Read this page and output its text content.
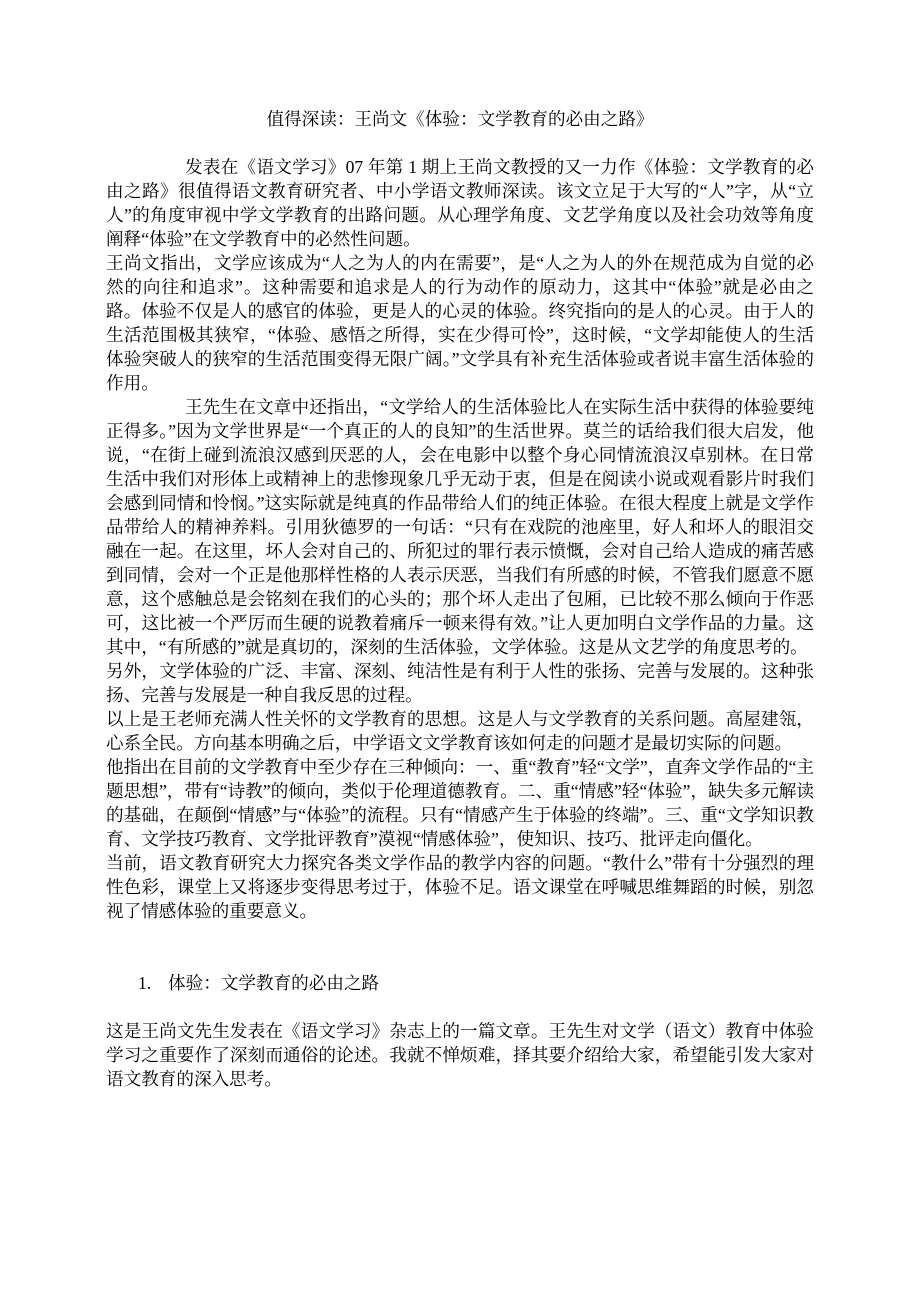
值得深读：王尚文《体验：文学教育的必由之路》

发表在《语文学习》07 年第 1 期上王尚文教授的又一力作《体验：文学教育的必由之路》很值得语文教育研究者、中小学语文教师深读。该文立足于大写的“人”字，从“立人”的角度审视中学文学教育的出路问题。从心理学角度、文艺学角度以及社会功效等角度阐释“体验”在文学教育中的必然性问题。

王尚文指出，文学应该成为“人之为人的内在需要”，是“人之为人的外在规范成为自觉的必然的向往和追求”。这种需要和追求是人的行为动作的原动力，这其中“体验”就是必由之路。体验不仅是人的感官的体验，更是人的心灵的体验。终究指向的是人的心灵。由于人的生活范围极其狭窄，“体验、感悟之所得，实在少得可怜”，这时候，“文学却能使人的生活体验突破人的狭窄的生活范围变得无限广阔。”文学具有补充生活体验或者说丰富生活体验的作用。

王先生在文章中还指出，“文学给人的生活体验比人在实际生活中获得的体验要纯正得多。”因为文学世界是“一个真正的人的良知”的生活世界。莫兰的话给我们很大启发，他说，“在街上碰到流浪汉感到厌恶的人，会在电影中以整个身心同情流浪汉卓别林。在日常生活中我们对形体上或精神上的悲惨现象几乎无动于衷，但是在阅读小说或观看影片时我们会感到同情和怜悯。”这实际就是纯真的作品带给人们的纯正体验。在很大程度上就是文学作品带给人的精神养料。引用狄德罗的一句话：“只有在戏院的池座里，好人和坏人的眼泪交融在一起。在这里，坏人会对自己的、所犯过的罪行表示愤慨，会对自己给人造成的痛苦感到同情，会对一个正是他那样性格的人表示厌恶，当我们有所感的时候，不管我们愿意不愿意，这个感触总是会铭刻在我们的心头的；那个坏人走出了包厢，已比较不那么倾向于作恶可，这比被一个严厉而生硬的说教着痛斥一顿来得有效。”让人更加明白文学作品的力量。这其中，“有所感的”就是真切的，深刻的生活体验，文学体验。这是从文艺学的角度思考的。

另外，文学体验的广泛、丰富、深刻、纯洁性是有利于人性的张扬、完善与发展的。这种张扬、完善与发展是一种自我反思的过程。

以上是王老师充满人性关怀的文学教育的思想。这是人与文学教育的关系问题。高屋建瓴，心系全民。方向基本明确之后，中学语文文学教育该如何走的问题才是最切实际的问题。

他指出在目前的文学教育中至少存在三种倾向：一、重“教育”轻“文学”，直奔文学作品的“主题思想”，带有“诗教”的倾向，类似于伦理道德教育。二、重“情感”轻“体验”，缺失多元解读的基础，在颠倒“情感”与“体验”的流程。只有“情感产生于体验的终端”。三、重“文学知识教育、文学技巧教育、文学批评教育”漠视“情感体验”，使知识、技巧、批评走向僵化。

当前，语文教育研究大力探究各类文学作品的教学内容的问题。“教什么”带有十分强烈的理性色彩，课堂上又将逐步变得思考过于，体验不足。语文课堂在呼喊思维舞蹈的时候，别忽视了情感体验的重要意义。

1. 体验：文学教育的必由之路

这是王尚文先生发表在《语文学习》杂志上的一篇文章。王先生对文学（语文）教育中体验学习之重要作了深刻而通俗的论述。我就不惮烦难，择其要介绍给大家，希望能引发大家对语文教育的深入思考。
